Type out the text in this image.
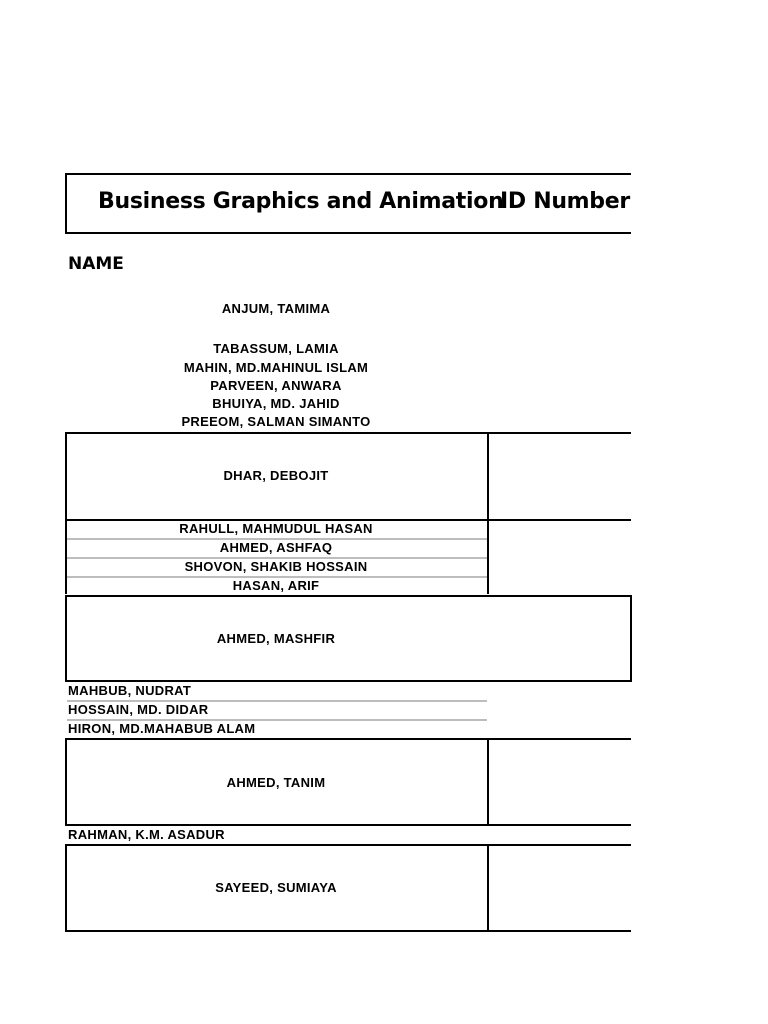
Business Graphics and Animation
ID Number
NAME
ANJUM, TAMIMA
TABASSUM, LAMIA
MAHIN, MD.MAHINUL ISLAM
PARVEEN, ANWARA
BHUIYA, MD. JAHID
PREEOM, SALMAN SIMANTO
DHAR, DEBOJIT
RAHULL, MAHMUDUL HASAN
AHMED, ASHFAQ
SHOVON, SHAKIB HOSSAIN
HASAN, ARIF
AHMED, MASHFIR
MAHBUB, NUDRAT
HOSSAIN, MD. DIDAR
HIRON, MD.MAHABUB ALAM
AHMED, TANIM
RAHMAN, K.M. ASADUR
SAYEED, SUMIAYA
